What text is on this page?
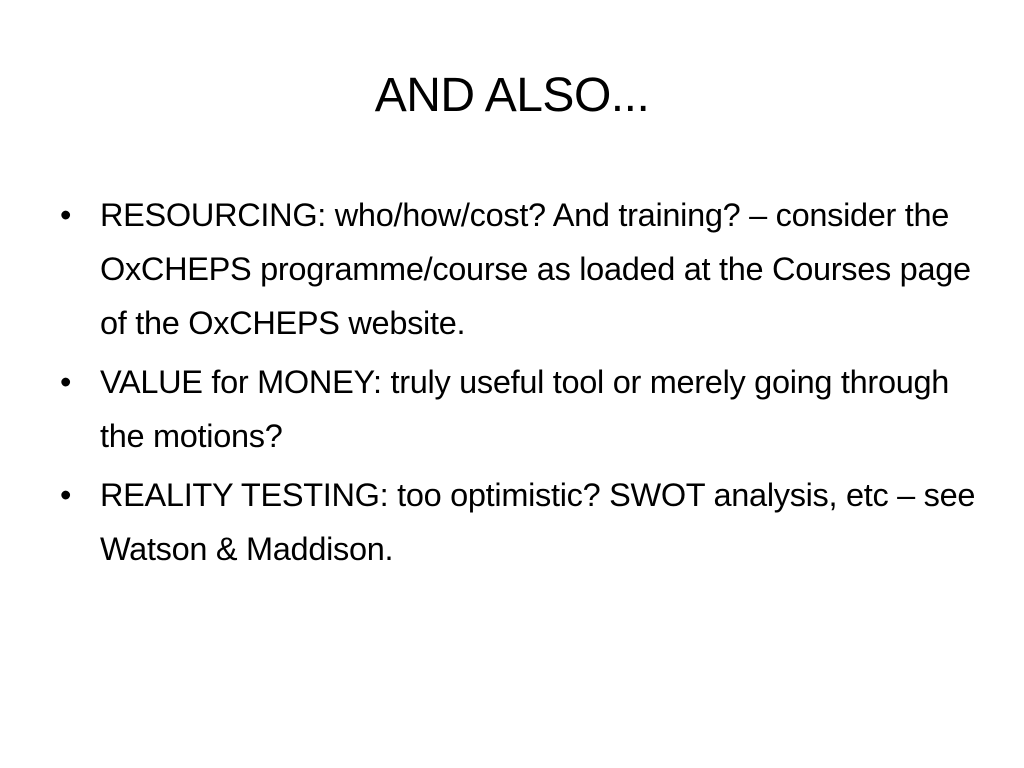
AND ALSO...
• RESOURCING: who/how/cost? And training? – consider the OxCHEPS programme/course as loaded at the Courses page of the OxCHEPS website.
• VALUE for MONEY: truly useful tool or merely going through the motions?
• REALITY TESTING: too optimistic? SWOT analysis, etc – see Watson & Maddison.
